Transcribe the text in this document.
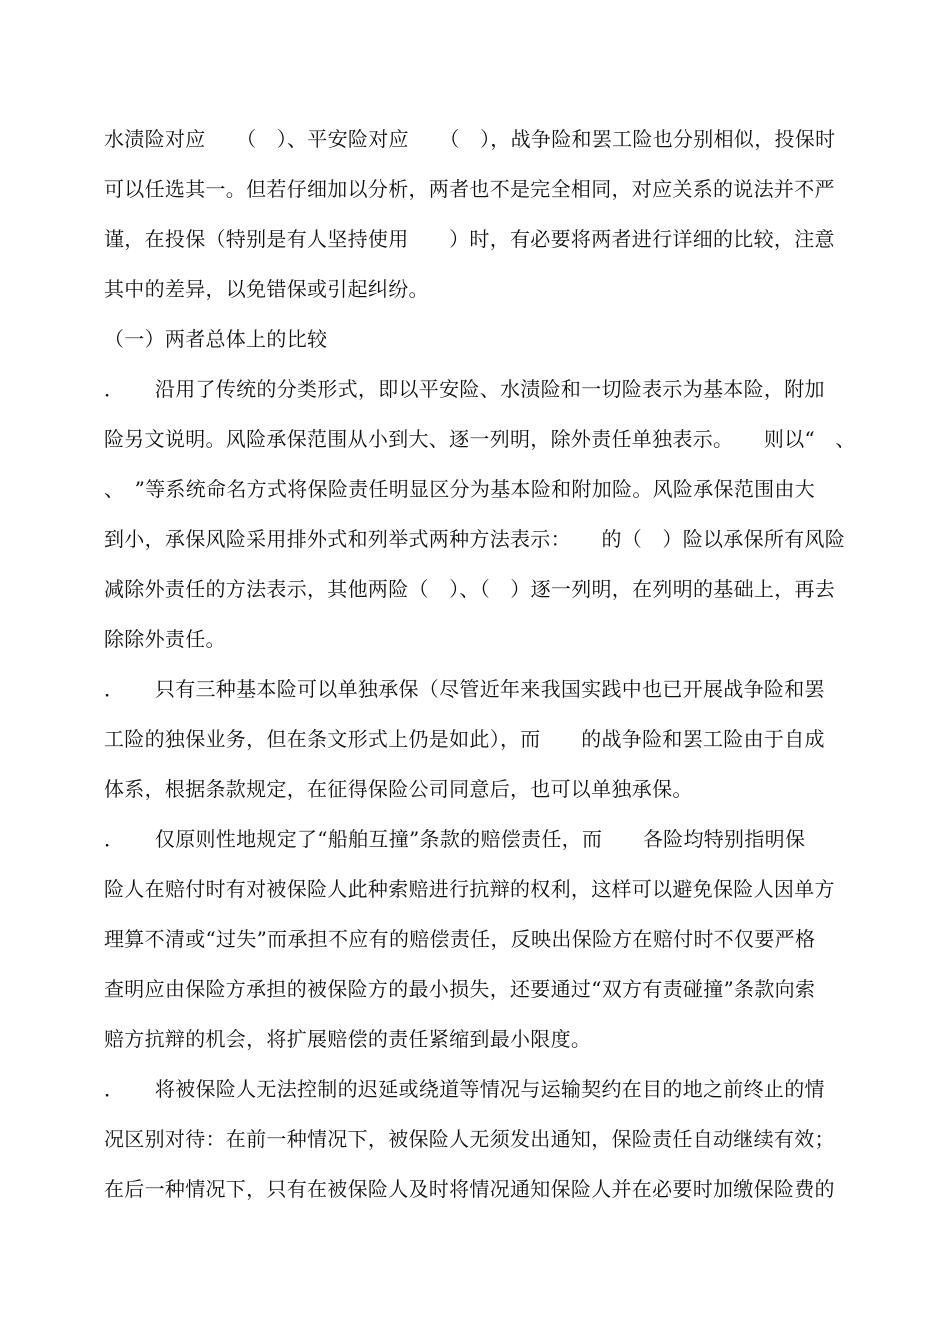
水渍险对应　　（　）、平安险对应　　（　），战争险和罢工险也分别相似，投保时
可以任选其一。但若仔细加以分析，两者也不是完全相同，对应关系的说法并不严
谨，在投保（特别是有人坚持使用　　）时，有必要将两者进行详细的比较，注意
其中的差异，以免错保或引起纠纷。
（一）两者总体上的比较
．　　沿用了传统的分类形式，即以平安险、水渍险和一切险表示为基本险，附加
险另文说明。风险承保范围从小到大、逐一列明，除外责任单独表示。　　则以“　、
、　”等系统命名方式将保险责任明显区分为基本险和附加险。风险承保范围由大
到小，承保风险采用排外式和列举式两种方法表示：　　的（　）险以承保所有风险
减除外责任的方法表示，其他两险（　）、（　）逐一列明，在列明的基础上，再去
除除外责任。
．　　只有三种基本险可以单独承保（尽管近年来我国实践中也已开展战争险和罢
工险的独保业务，但在条文形式上仍是如此），而　　的战争险和罢工险由于自成
体系，根据条款规定，在征得保险公司同意后，也可以单独承保。
．　　仅原则性地规定了“船舶互撞”条款的赔偿责任，而　　各险均特别指明保
险人在赔付时有对被保险人此种索赔进行抗辩的权利，这样可以避免保险人因单方
理算不清或“过失”而承担不应有的赔偿责任，反映出保险方在赔付时不仅要严格
查明应由保险方承担的被保险方的最小损失，还要通过“双方有责碰撞”条款向索
赔方抗辩的机会，将扩展赔偿的责任紧缩到最小限度。
．　　将被保险人无法控制的迟延或绕道等情况与运输契约在目的地之前终止的情
况区别对待：在前一种情况下，被保险人无须发出通知，保险责任自动继续有效；
在后一种情况下，只有在被保险人及时将情况通知保险人并在必要时加缴保险费的
